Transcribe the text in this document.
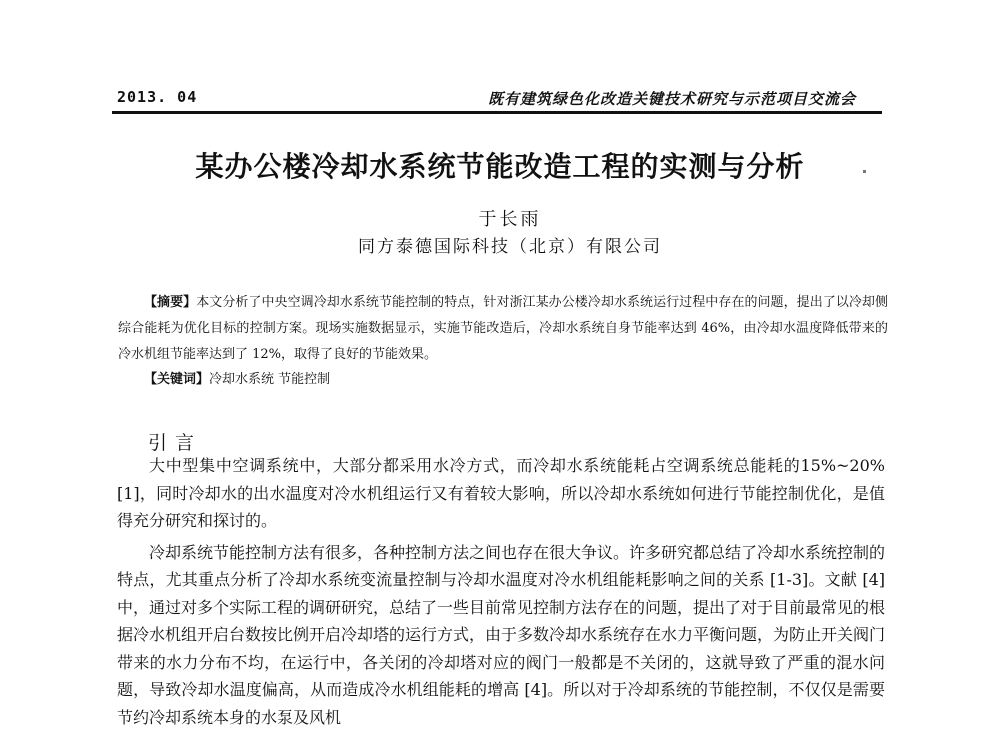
2013. 04	既有建筑绿色化改造关键技术研究与示范项目交流会
某办公楼冷却水系统节能改造工程的实测与分析
于长雨
同方泰德国际科技（北京）有限公司
【摘要】本文分析了中央空调冷却水系统节能控制的特点，针对浙江某办公楼冷却水系统运行过程中存在的问题，提出了以冷却侧综合能耗为优化目标的控制方案。现场实施数据显示，实施节能改造后，冷却水系统自身节能率达到 46%，由冷却水温度降低带来的冷水机组节能率达到了 12%，取得了良好的节能效果。
【关键词】冷却水系统 节能控制
引言

大中型集中空调系统中，大部分都采用水冷方式，而冷却水系统能耗占空调系统总能耗的15%~20%[1]，同时冷却水的出水温度对冷水机组运行又有着较大影响，所以冷却水系统如何进行节能控制优化，是值得充分研究和探讨的。

冷却系统节能控制方法有很多，各种控制方法之间也存在很大争议。许多研究都总结了冷却水系统控制的特点，尤其重点分析了冷却水系统变流量控制与冷却水温度对冷水机组能耗影响之间的关系 [1-3]。文献 [4] 中，通过对多个实际工程的调研研究，总结了一些目前常见控制方法存在的问题，提出了对于目前最常见的根据冷水机组开启台数按比例开启冷却塔的运行方式，由于多数冷却水系统存在水力平衡问题，为防止开关阀门带来的水力分布不均，在运行中，各关闭的冷却塔对应的阀门一般都是不关闭的，这就导致了严重的混水问题，导致冷却水温度偏高，从而造成冷水机组能耗的增高 [4]。所以对于冷却系统的节能控制，不仅仅是需要节约冷却系统本身的水泵及风机
